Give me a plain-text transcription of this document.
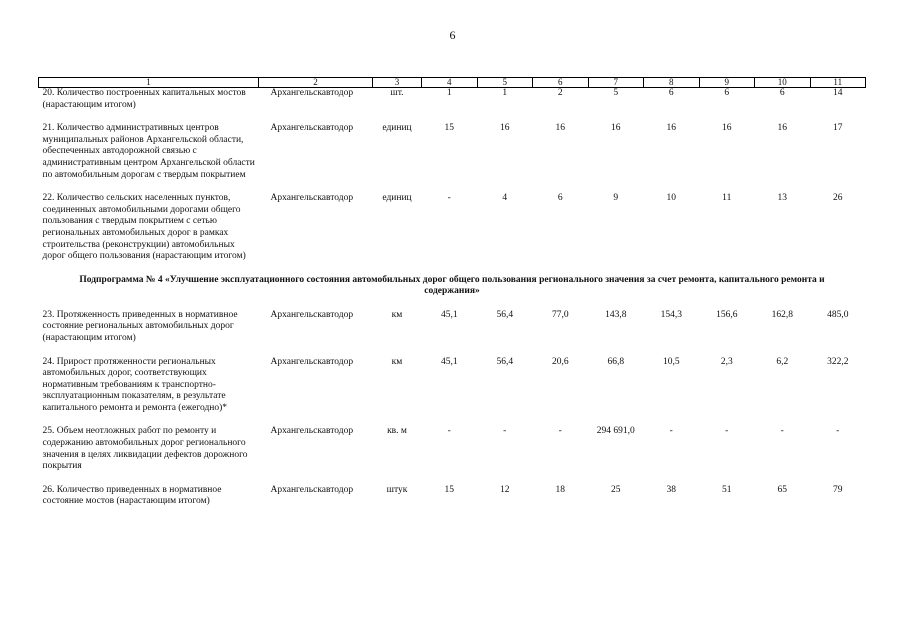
6
1	2	3	4	5	6	7	8	9	10	11
20. Количество построенных капитальных мостов (нарастающим итогом)	Архангельскавтодор	шт.	1	1	2	5	6	6	6	14

21. Количество административных центров муниципальных районов Архангельской области, обеспеченных автодорожной связью с административным центром Архангельской области по автомобильным дорогам с твердым покрытием	Архангельскавтодор	единиц	15	16	16	16	16	16	16	17

22. Количество сельских населенных пунктов, соединенных автомобильными дорогами общего пользования с твердым покрытием с сетью региональных автомобильных дорог в рамках строительства (реконструкции) автомобильных дорог общего пользования (нарастающим итогом)	Архангельскавтодор	единиц	-	4	6	9	10	11	13	26

Подпрограмма № 4 «Улучшение эксплуатационного состояния автомобильных дорог общего пользования регионального значения за счет ремонта, капитального ремонта и содержания»										

23. Протяженность приведенных в нормативное состояние региональных автомобильных дорог (нарастающим итогом)	Архангельскавтодор	км	45,1	56,4	77,0	143,8	154,3	156,6	162,8	485,0

24. Прирост протяженности региональных автомобильных дорог, соответствующих нормативным требованиям к транспортно-эксплуатационным показателям, в результате капитального ремонта и ремонта (ежегодно)*	Архангельскавтодор	км	45,1	56,4	20,6	66,8	10,5	2,3	6,2	322,2

25. Объем неотложных работ по ремонту и содержанию автомобильных дорог регионального значения в целях ликвидации дефектов дорожного покрытия	Архангельскавтодор	кв. м	-	-	-	294 691,0	-	-	-	-

26. Количество приведенных в нормативное состояние мостов (нарастающим итогом)	Архангельскавтодор	штук	15	12	18	25	38	51	65	79
